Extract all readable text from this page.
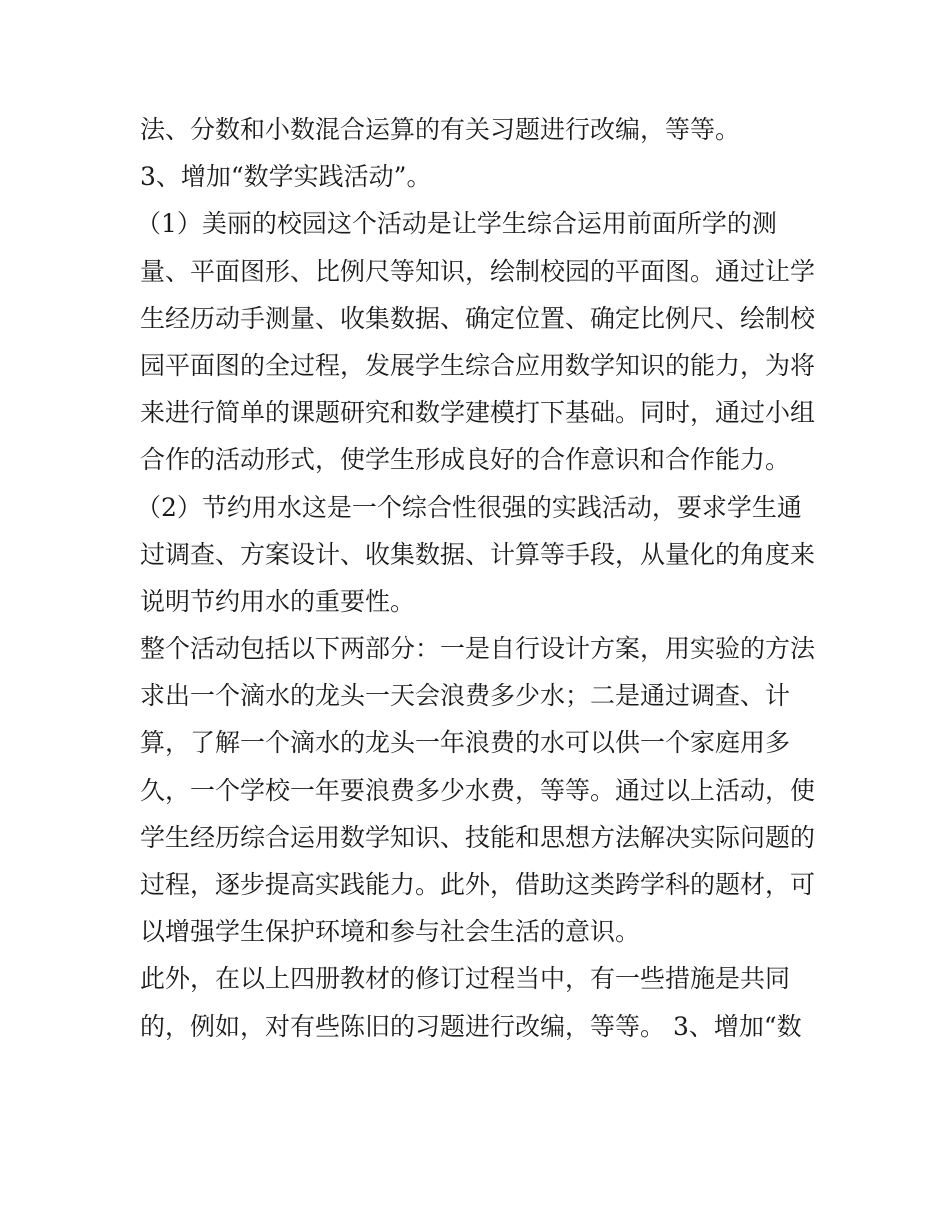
法、分数和小数混合运算的有关习题进行改编，等等。
3、增加“数学实践活动”。
（1）美丽的校园这个活动是让学生综合运用前面所学的测
量、平面图形、比例尺等知识，绘制校园的平面图。通过让学
生经历动手测量、收集数据、确定位置、确定比例尺、绘制校
园平面图的全过程，发展学生综合应用数学知识的能力，为将
来进行简单的课题研究和数学建模打下基础。同时，通过小组
合作的活动形式，使学生形成良好的合作意识和合作能力。
（2）节约用水这是一个综合性很强的实践活动，要求学生通
过调查、方案设计、收集数据、计算等手段，从量化的角度来
说明节约用水的重要性。
整个活动包括以下两部分：一是自行设计方案，用实验的方法
求出一个滴水的龙头一天会浪费多少水；二是通过调查、计
算，了解一个滴水的龙头一年浪费的水可以供一个家庭用多
久，一个学校一年要浪费多少水费，等等。通过以上活动，使
学生经历综合运用数学知识、技能和思想方法解决实际问题的
过程，逐步提高实践能力。此外，借助这类跨学科的题材，可
以增强学生保护环境和参与社会生活的意识。
此外，在以上四册教材的修订过程当中，有一些措施是共同
的，例如，对有些陈旧的习题进行改编，等等。 3、增加“数
